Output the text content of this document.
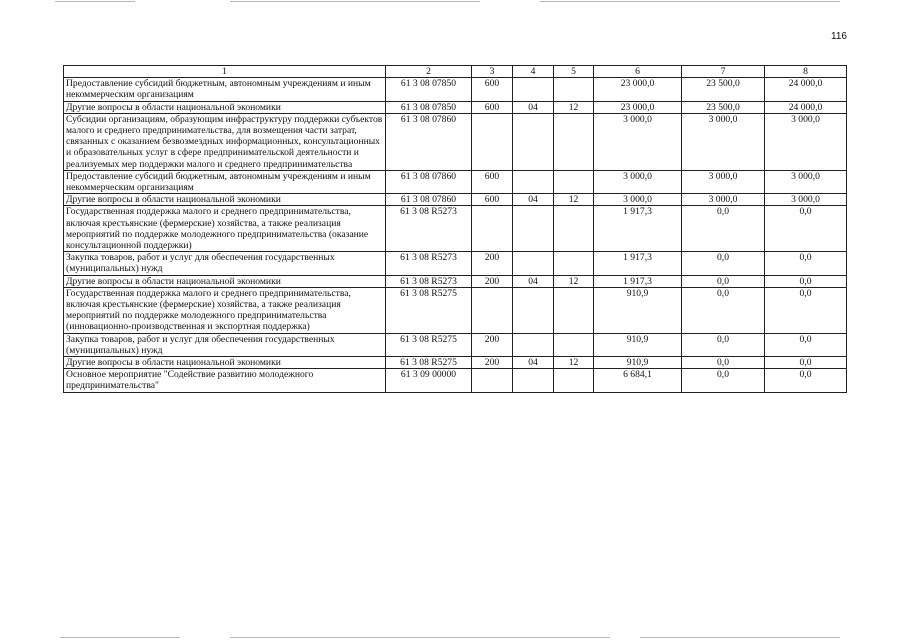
116
1	2	3	4	5	6	7	8
Предоставление субсидий бюджетным, автономным учреждениям и иным некоммерческим организациям	61 3 08 07850	600			23 000,0	23 500,0	24 000,0
Другие вопросы в области национальной экономики	61 3 08 07850	600	04	12	23 000,0	23 500,0	24 000,0
Субсидии организациям, образующим инфраструктуру поддержки субъектов малого и среднего предпринимательства, для возмещения части затрат, связанных с оказанием безвозмездных информационных, консультационных и образовательных услуг в сфере предпринимательской деятельности и реализуемых мер поддержки малого и среднего предпринимательства	61 3 08 07860				3 000,0	3 000,0	3 000,0
Предоставление субсидий бюджетным, автономным учреждениям и иным некоммерческим организациям	61 3 08 07860	600			3 000,0	3 000,0	3 000,0
Другие вопросы в области национальной экономики	61 3 08 07860	600	04	12	3 000,0	3 000,0	3 000,0
Государственная поддержка малого и среднего предпринимательства, включая крестьянские (фермерские) хозяйства, а также реализация мероприятий по поддержке молодежного предпринимательства (оказание консультационной поддержки)	61 3 08 R5273				1 917,3	0,0	0,0
Закупка товаров, работ и услуг для обеспечения государственных (муниципальных) нужд	61 3 08 R5273	200			1 917,3	0,0	0,0
Другие вопросы в области национальной экономики	61 3 08 R5273	200	04	12	1 917,3	0,0	0,0
Государственная поддержка малого и среднего предпринимательства, включая крестьянские (фермерские) хозяйства, а также реализация мероприятий по поддержке молодежного предпринимательства (инновационно-производственная и экспортная поддержка)	61 3 08 R5275				910,9	0,0	0,0
Закупка товаров, работ и услуг для обеспечения государственных (муниципальных) нужд	61 3 08 R5275	200			910,9	0,0	0,0
Другие вопросы в области национальной экономики	61 3 08 R5275	200	04	12	910,9	0,0	0,0
Основное мероприятие "Содействие развитию молодежного предпринимательства"	61 3 09 00000				6 684,1	0,0	0,0
